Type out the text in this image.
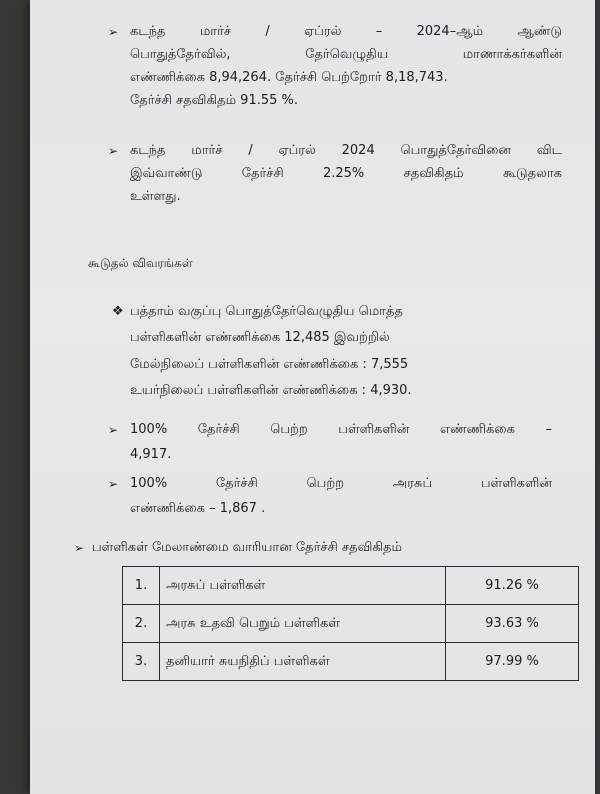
➢ கடந்த	மார்ச்	/	ஏப்ரல்	–	2024–ஆம்	ஆண்டு
பொதுத்தேர்வில்,	தேர்வெழுதிய	மாணாக்கர்களின்
எண்ணிக்கை 8,94,264. தேர்ச்சி பெற்றோர் 8,18,743.
தேர்ச்சி சதவிகிதம் 91.55 %.
➢ கடந்த மார்ச் / ஏப்ரல் 2024 பொதுத்தேர்வினை விட
இவ்வாண்டு	தேர்ச்சி	2.25%	சதவிகிதம்	கூடுதலாக
உள்ளது.
கூடுதல் விவரங்கள்
❖ பத்தாம் வகுப்பு பொதுத்தேர்வெழுதிய மொத்த
பள்ளிகளின் எண்ணிக்கை 12,485 இவற்றில்
மேல்நிலைப் பள்ளிகளின் எண்ணிக்கை : 7,555
உயர்நிலைப் பள்ளிகளின் எண்ணிக்கை : 4,930.
➢ 100% தேர்ச்சி பெற்ற பள்ளிகளின் எண்ணிக்கை –
4,917.
➢ 100%	தேர்ச்சி	பெற்ற	அரசுப்	பள்ளிகளின்
எண்ணிக்கை – 1,867 .
➢ பள்ளிகள் மேலாண்மை வாரியான தேர்ச்சி சதவிகிதம்
1.	அரசுப் பள்ளிகள்	91.26 %
2.	அரசு உதவி பெறும் பள்ளிகள்	93.63 %
3.	தனியார் சுயநிதிப் பள்ளிகள்	97.99 %
